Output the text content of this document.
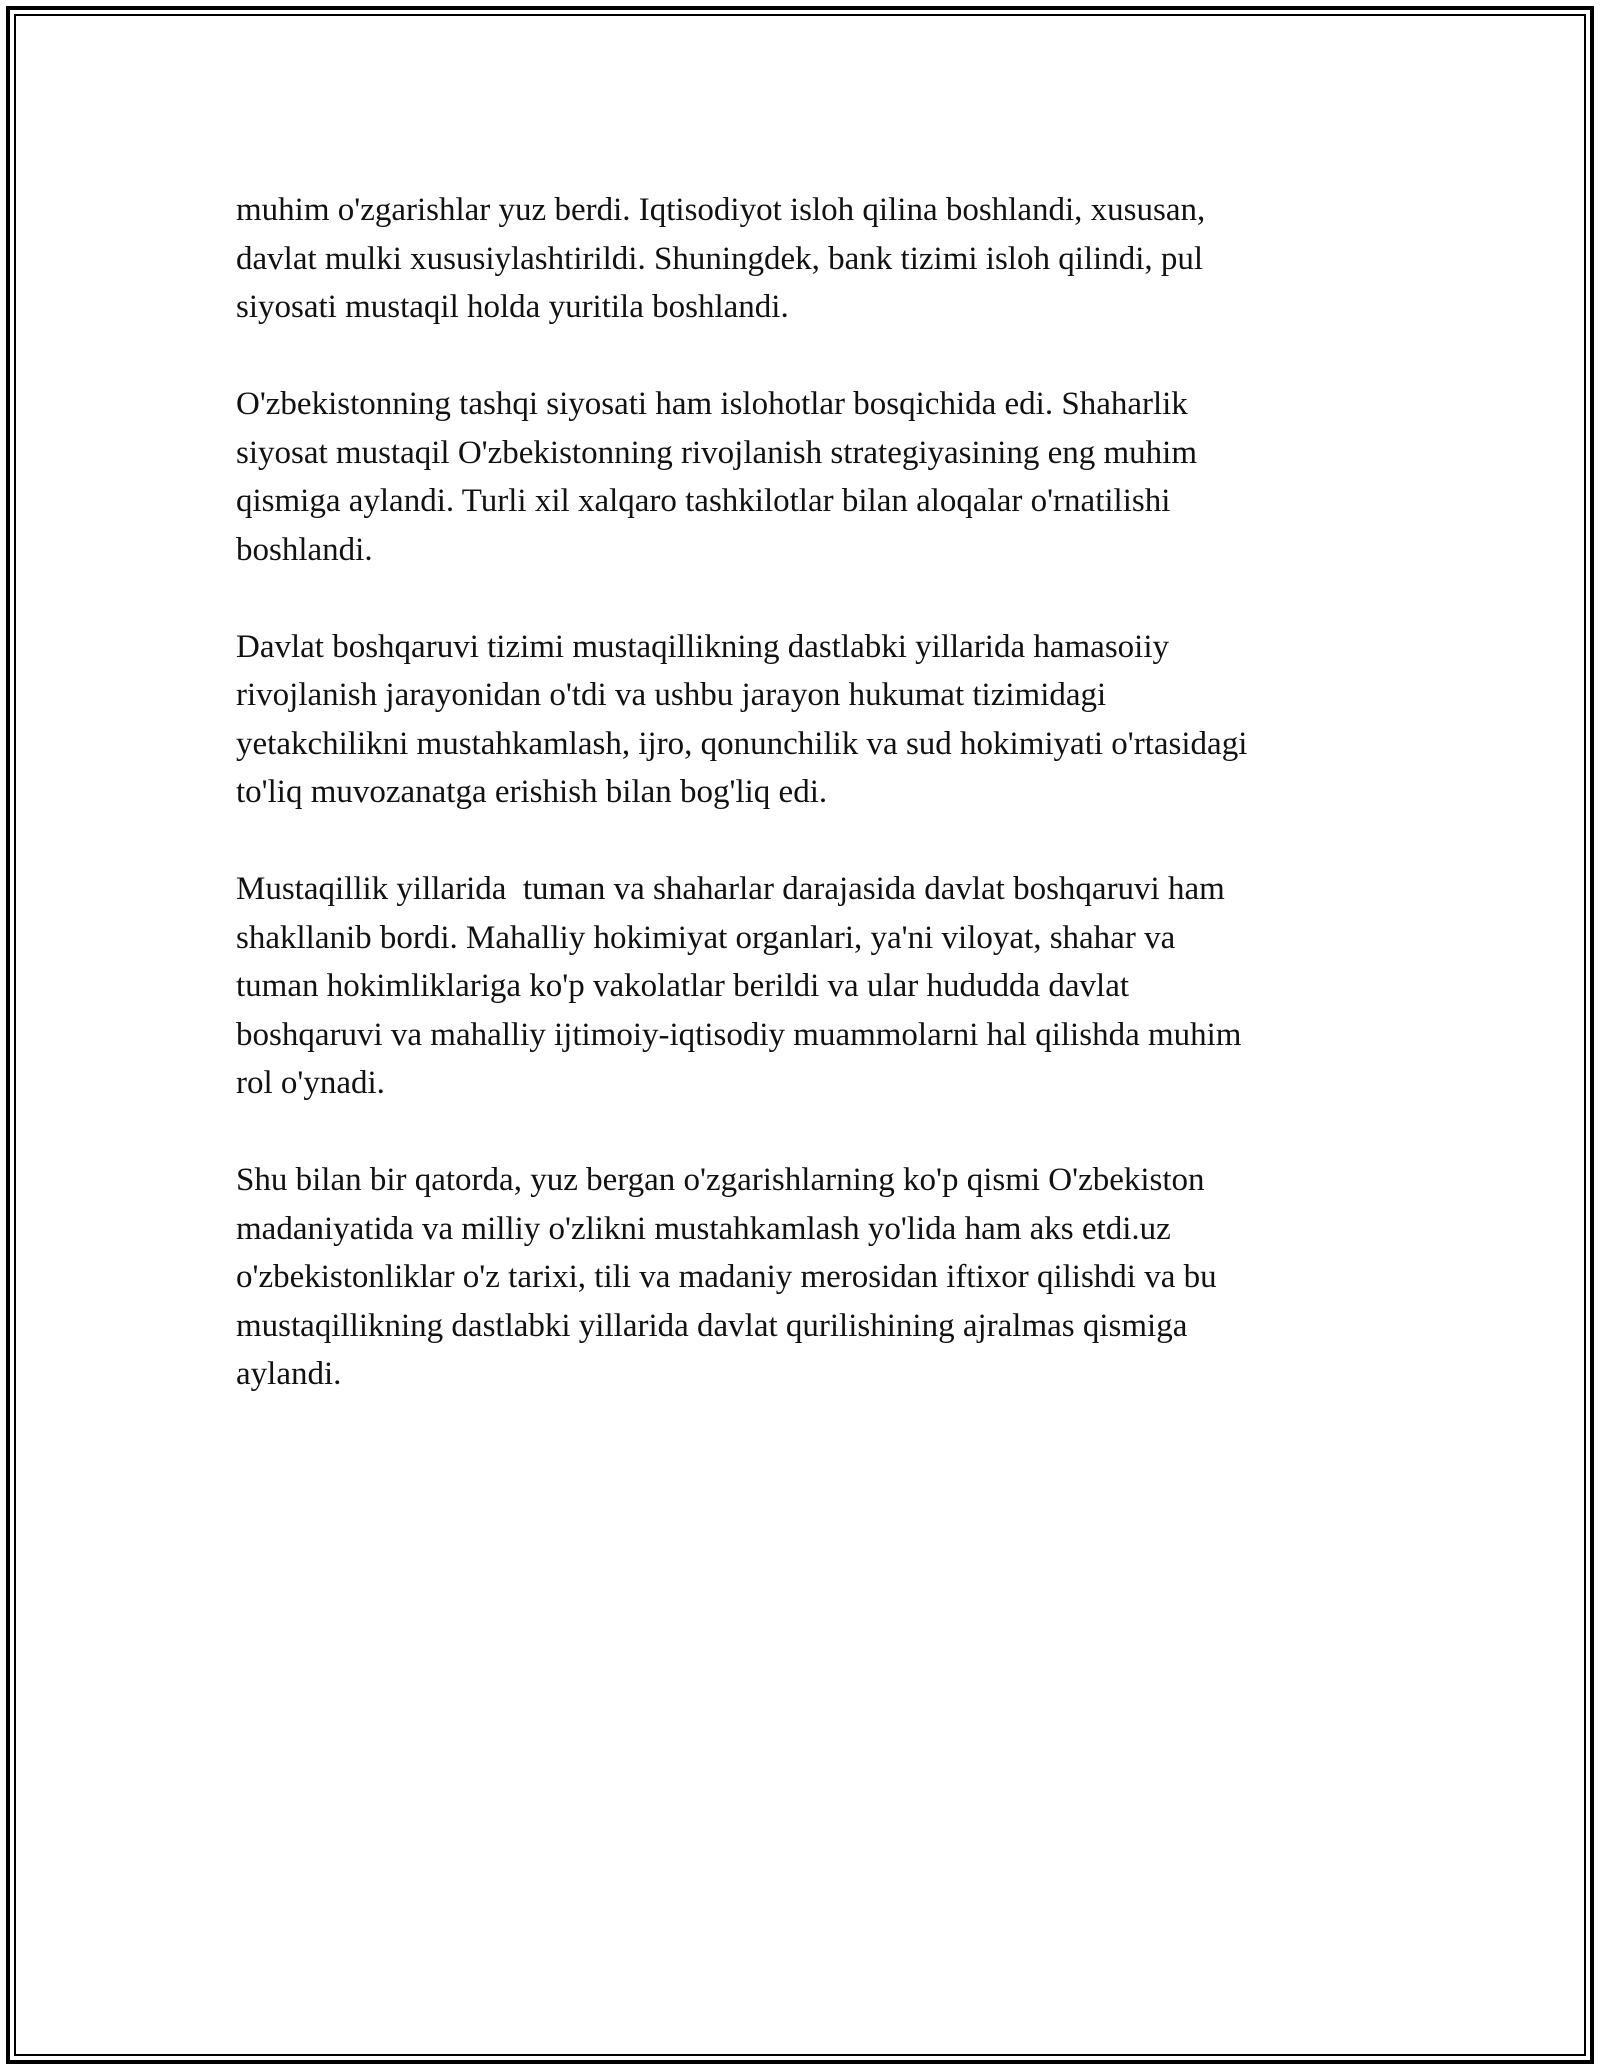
muhim o'zgarishlar yuz berdi. Iqtisodiyot isloh qilina boshlandi, xususan,
davlat mulki xususiylashtirildi. Shuningdek, bank tizimi isloh qilindi, pul
siyosati mustaqil holda yuritila boshlandi.
O'zbekistonning tashqi siyosati ham islohotlar bosqichida edi. Shaharlik
siyosat mustaqil O'zbekistonning rivojlanish strategiyasining eng muhim
qismiga aylandi. Turli xil xalqaro tashkilotlar bilan aloqalar o'rnatilishi
boshlandi.
Davlat boshqaruvi tizimi mustaqillikning dastlabki yillarida hamasoiiy
rivojlanish jarayonidan o'tdi va ushbu jarayon hukumat tizimidagi
yetakchilikni mustahkamlash, ijro, qonunchilik va sud hokimiyati o'rtasidagi
to'liq muvozanatga erishish bilan bog'liq edi.
Mustaqillik yillarida  tuman va shaharlar darajasida davlat boshqaruvi ham
shakllanib bordi. Mahalliy hokimiyat organlari, ya'ni viloyat, shahar va
tuman hokimliklariga ko'p vakolatlar berildi va ular hududda davlat
boshqaruvi va mahalliy ijtimoiy-iqtisodiy muammolarni hal qilishda muhim
rol o'ynadi.
Shu bilan bir qatorda, yuz bergan o'zgarishlarning ko'p qismi O'zbekiston
madaniyatida va milliy o'zlikni mustahkamlash yo'lida ham aks etdi.uz
o'zbekistonliklar o'z tarixi, tili va madaniy merosidan iftixor qilishdi va bu
mustaqillikning dastlabki yillarida davlat qurilishining ajralmas qismiga
aylandi.
